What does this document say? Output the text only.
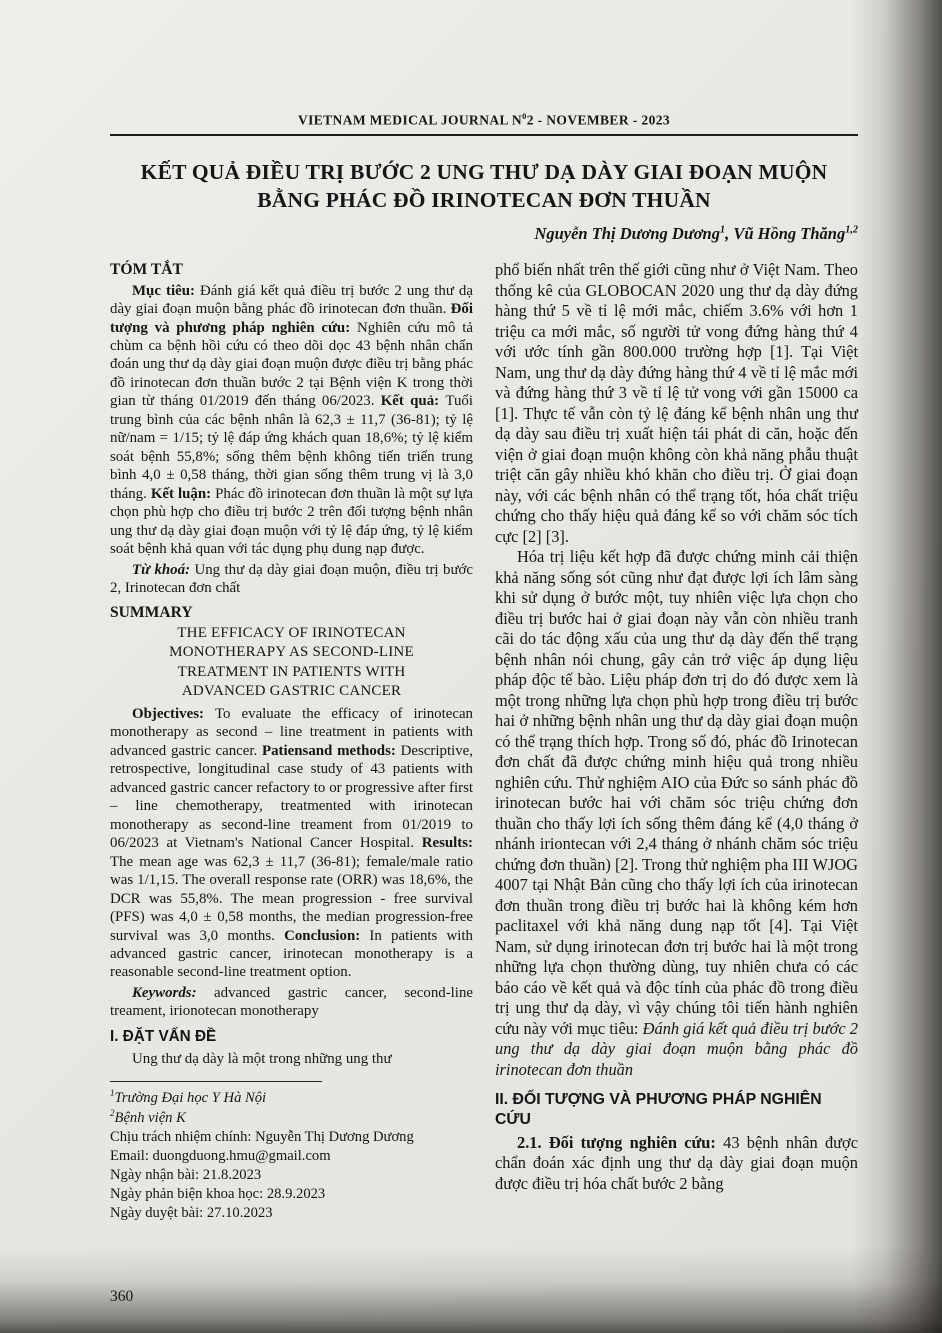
VIETNAM MEDICAL JOURNAL $N^02$ - NOVEMBER - 2023
KẾT QUẢ ĐIỀU TRỊ BƯỚC 2 UNG THƯ DẠ DÀY GIAI ĐOẠN MUỘN
BẰNG PHÁC ĐỒ IRINOTECAN ĐƠN THUẦN
Nguyễn Thị Dương Dương$^1$, Vũ Hồng Thăng$^{1,2}$
TÓM TẮT

Mục tiêu: Đánh giá kết quả điều trị bước 2 ung thư dạ dày giai đoạn muộn bằng phác đồ irinotecan đơn thuần. Đối tượng và phương pháp nghiên cứu: Nghiên cứu mô tả chùm ca bệnh hồi cứu có theo dõi dọc 43 bệnh nhân chẩn đoán ung thư dạ dày giai đoạn muộn được điều trị bằng phác đồ irinotecan đơn thuần bước 2 tại Bệnh viện K trong thời gian từ tháng 01/2019 đến tháng 06/2023. Kết quả: Tuổi trung bình của các bệnh nhân là 62,3 ± 11,7 (36-81); tỷ lệ nữ/nam = 1/15; tỷ lệ đáp ứng khách quan 18,6%; tỷ lệ kiểm soát bệnh 55,8%; sống thêm bệnh không tiến triển trung bình 4,0 ± 0,58 tháng, thời gian sống thêm trung vị là 3,0 tháng. Kết luận: Phác đồ irinotecan đơn thuần là một sự lựa chọn phù hợp cho điều trị bước 2 trên đối tượng bệnh nhân ung thư dạ dày giai đoạn muộn với tỷ lệ đáp ứng, tỷ lệ kiểm soát bệnh khả quan với tác dụng phụ dung nạp được.

Từ khoá: Ung thư dạ dày giai đoạn muộn, điều trị bước 2, Irinotecan đơn chất

SUMMARY
THE EFFICACY OF IRINOTECAN MONOTHERAPY AS SECOND-LINE TREATMENT IN PATIENTS WITH ADVANCED GASTRIC CANCER

Objectives: To evaluate the efficacy of irinotecan monotherapy as second – line treatment in patients with advanced gastric cancer. Patiensand methods: Descriptive, retrospective, longitudinal case study of 43 patients with advanced gastric cancer refactory to or progressive after first – line chemotherapy, treatmented with irinotecan monotherapy as second-line treament from 01/2019 to 06/2023 at Vietnam's National Cancer Hospital. Results: The mean age was 62,3 ± 11,7 (36-81); female/male ratio was 1/1,15. The overall response rate (ORR) was 18,6%, the DCR was 55,8%. The mean progression - free survival (PFS) was 4,0 ± 0,58 months, the median progression-free survival was 3,0 months. Conclusion: In patients with advanced gastric cancer, irinotecan monotherapy is a reasonable second-line treatment option.

Keywords: advanced gastric cancer, second-line treament, irionotecan monotherapy

I. ĐẶT VẤN ĐỀ

Ung thư dạ dày là một trong những ung thư

$^1$Trường Đại học Y Hà Nội
$^2$Bệnh viện K
Chịu trách nhiệm chính: Nguyễn Thị Dương Dương
Email: duongduong.hmu@gmail.com
Ngày nhận bài: 21.8.2023
Ngày phản biện khoa học: 28.9.2023
Ngày duyệt bài: 27.10.2023

phổ biến nhất trên thế giới cũng như ở Việt Nam. Theo thống kê của GLOBOCAN 2020 ung thư dạ dày đứng hàng thứ 5 về tỉ lệ mới mắc, chiếm 3.6% với hơn 1 triệu ca mới mắc, số người tử vong đứng hàng thứ 4 với ước tính gần 800.000 trường hợp [1]. Tại Việt Nam, ung thư dạ dày đứng hàng thứ 4 về tỉ lệ mắc mới và đứng hàng thứ 3 về tỉ lệ tử vong với gần 15000 ca [1]. Thực tế vẫn còn tỷ lệ đáng kể bệnh nhân ung thư dạ dày sau điều trị xuất hiện tái phát di căn, hoặc đến viện ở giai đoạn muộn không còn khả năng phẫu thuật triệt căn gây nhiều khó khăn cho điều trị. Ở giai đoạn này, với các bệnh nhân có thể trạng tốt, hóa chất triệu chứng cho thấy hiệu quả đáng kể so với chăm sóc tích cực [2] [3].

Hóa trị liệu kết hợp đã được chứng minh cải thiện khả năng sống sót cũng như đạt được lợi ích lâm sàng khi sử dụng ở bước một, tuy nhiên việc lựa chọn cho điều trị bước hai ở giai đoạn này vẫn còn nhiều tranh cãi do tác động xấu của ung thư dạ dày đến thể trạng bệnh nhân nói chung, gây cản trở việc áp dụng liệu pháp độc tế bào. Liệu pháp đơn trị do đó được xem là một trong những lựa chọn phù hợp trong điều trị bước hai ở những bệnh nhân ung thư dạ dày giai đoạn muộn có thể trạng thích hợp. Trong số đó, phác đồ Irinotecan đơn chất đã được chứng minh hiệu quả trong nhiều nghiên cứu. Thử nghiệm AIO của Đức so sánh phác đồ irinotecan bước hai với chăm sóc triệu chứng đơn thuần cho thấy lợi ích sống thêm đáng kể (4,0 tháng ở nhánh iriontecan với 2,4 tháng ở nhánh chăm sóc triệu chứng đơn thuần) [2]. Trong thử nghiệm pha III WJOG 4007 tại Nhật Bản cũng cho thấy lợi ích của irinotecan đơn thuần trong điều trị bước hai là không kém hơn paclitaxel với khả năng dung nạp tốt [4]. Tại Việt Nam, sử dụng irinotecan đơn trị bước hai là một trong những lựa chọn thường dùng, tuy nhiên chưa có các báo cáo về kết quả và độc tính của phác đồ trong điều trị ung thư dạ dày, vì vậy chúng tôi tiến hành nghiên cứu này với mục tiêu: Đánh giá kết quả điều trị bước 2 ung thư dạ dày giai đoạn muộn bằng phác đồ irinotecan đơn thuần

II. ĐỐI TƯỢNG VÀ PHƯƠNG PHÁP NGHIÊN CỨU

2.1. Đối tượng nghiên cứu: 43 bệnh nhân được chẩn đoán xác định ung thư dạ dày giai đoạn muộn được điều trị hóa chất bước 2 bằng

360
